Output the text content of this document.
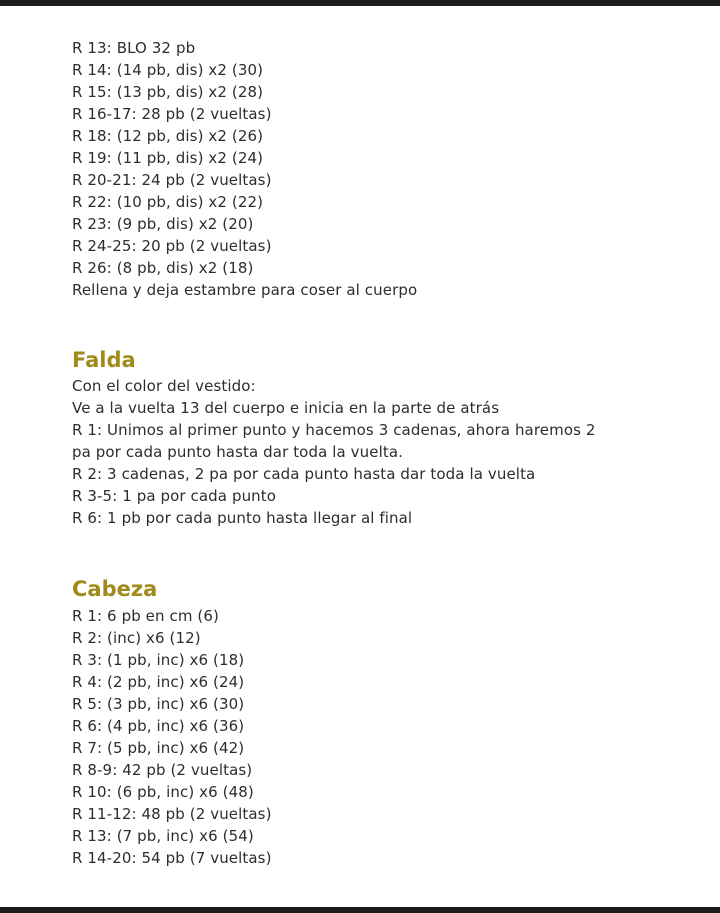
R 13: BLO 32 pb
R 14: (14 pb, dis) x2 (30)
R 15: (13 pb, dis) x2 (28)
R 16-17: 28 pb (2 vueltas)
R 18: (12 pb, dis) x2 (26)
R 19: (11 pb, dis) x2 (24)
R 20-21: 24 pb (2 vueltas)
R 22: (10 pb, dis) x2 (22)
R 23: (9 pb, dis) x2 (20)
R 24-25: 20 pb (2 vueltas)
R 26: (8 pb, dis) x2 (18)
Rellena y deja estambre para coser al cuerpo
Falda
Con el color del vestido:
Ve a la vuelta 13 del cuerpo e inicia en la parte de atrás
R 1: Unimos al primer punto y hacemos 3 cadenas, ahora haremos 2
pa por cada punto hasta dar toda la vuelta.
R 2: 3 cadenas, 2 pa por cada punto hasta dar toda la vuelta
R 3-5: 1 pa por cada punto
R 6: 1 pb por cada punto hasta llegar al final
Cabeza
R 1: 6 pb en cm (6)
R 2: (inc) x6 (12)
R 3: (1 pb, inc) x6 (18)
R 4: (2 pb, inc) x6 (24)
R 5: (3 pb, inc) x6 (30)
R 6: (4 pb, inc) x6 (36)
R 7: (5 pb, inc) x6 (42)
R 8-9: 42 pb (2 vueltas)
R 10: (6 pb, inc) x6 (48)
R 11-12: 48 pb (2 vueltas)
R 13: (7 pb, inc) x6 (54)
R 14-20: 54 pb (7 vueltas)
